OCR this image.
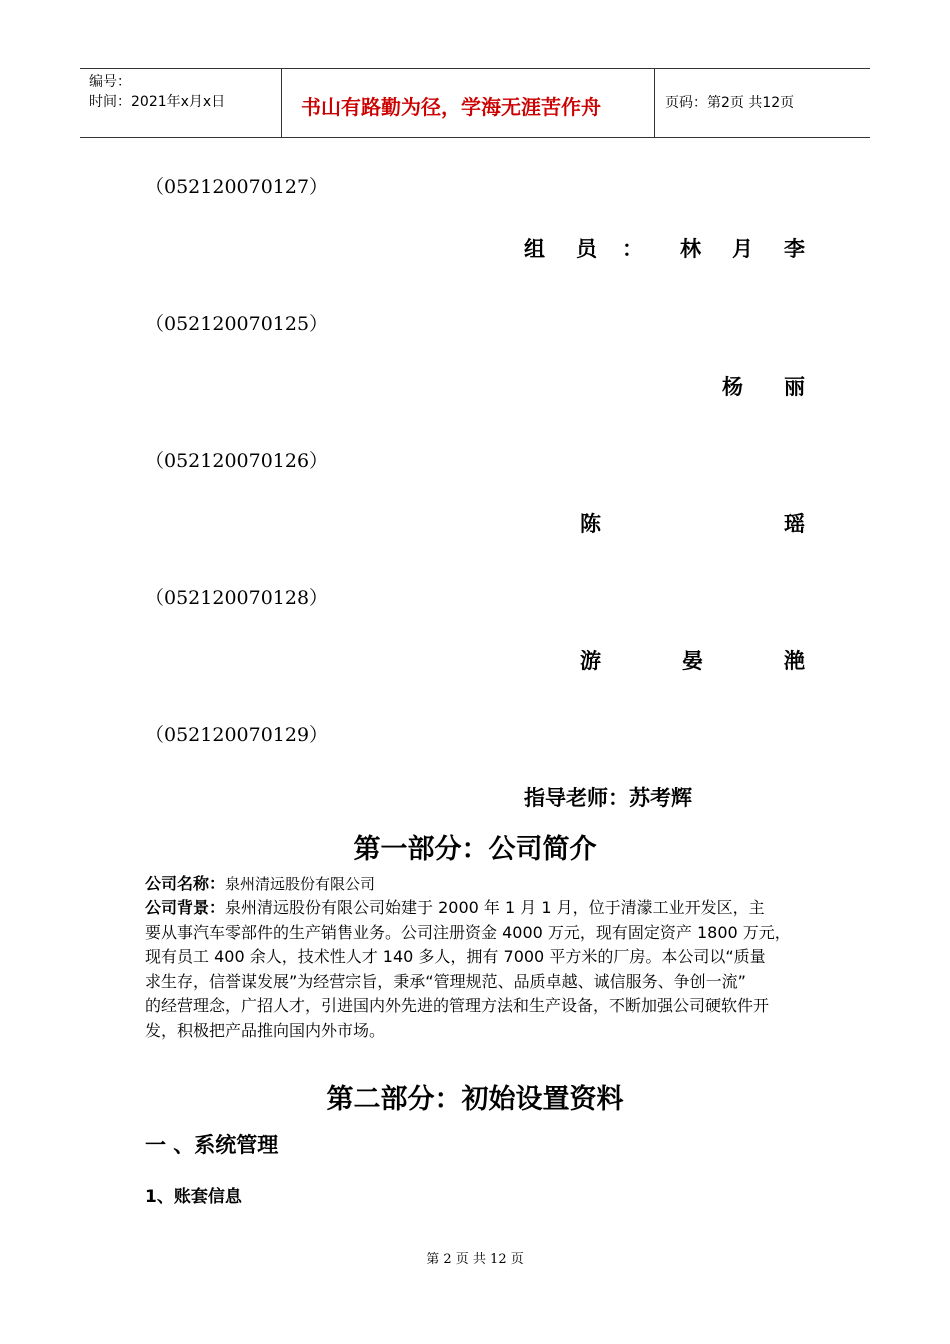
编号：
时间：2021年x月x日	书山有路勤为径，学海无涯苦作舟	页码：第2页 共12页
（052120070127）
组 员 ： 林 月 李
（052120070125）
杨 丽
（052120070126）
陈	瑶
（052120070128）
游	晏	滟
（052120070129）
指导老师：苏考辉
第一部分：公司简介
公司名称：泉州清远股份有限公司
公司背景：泉州清远股份有限公司始建于 2000 年 1 月 1 月，位于清濛工业开发区，主
要从事汽车零部件的生产销售业务。公司注册资金 4000 万元，现有固定资产 1800 万元，
现有员工 400 余人，技术性人才 140 多人，拥有 7000 平方米的厂房。本公司以“质量
求生存，信誉谋发展”为经营宗旨，秉承“管理规范、品质卓越、诚信服务、争创一流”
的经营理念，广招人才，引进国内外先进的管理方法和生产设备，不断加强公司硬软件开
发，积极把产品推向国内外市场。
第二部分：初始设置资料
一 、系统管理
1、账套信息
第 2 页 共 12 页
